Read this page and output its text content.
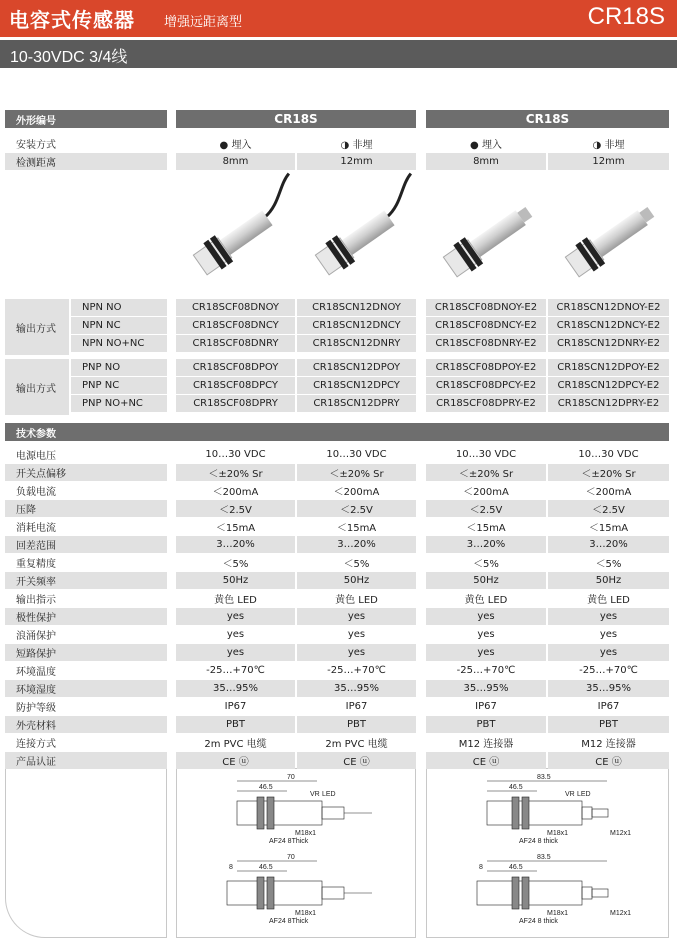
电容式传感器 增强远距离型	CR18S
10-30VDC 3/4线
外形编号	CR18S	CR18S
技术参数
70
46.5
VR LED
M18x1
AF24 8Thick
70
8	46.5
M18x1
AF24 8Thick
83.5
46.5
VR LED
M18x1
AF24 8 thick
M12x1
83.5
8	46.5
M18x1
AF24 8 thick
M12x1
安装方式	● 埋入	◑ 非埋	● 埋入	◑ 非埋
检测距离	8mm	12mm	8mm	12mm
输出方式
NPN NO	CR18SCF08DNOY	CR18SCN12DNOY	CR18SCF08DNOY-E2	CR18SCN12DNOY-E2
NPN NC	CR18SCF08DNCY	CR18SCN12DNCY	CR18SCF08DNCY-E2	CR18SCN12DNCY-E2
NPN NO+NC	CR18SCF08DNRY	CR18SCN12DNRY	CR18SCF08DNRY-E2	CR18SCN12DNRY-E2
输出方式
PNP NO	CR18SCF08DPOY	CR18SCN12DPOY	CR18SCF08DPOY-E2	CR18SCN12DPOY-E2
PNP NC	CR18SCF08DPCY	CR18SCN12DPCY	CR18SCF08DPCY-E2	CR18SCN12DPCY-E2
PNP NO+NC	CR18SCF08DPRY	CR18SCN12DPRY	CR18SCF08DPRY-E2	CR18SCN12DPRY-E2
电源电压	10…30 VDC	10…30 VDC	10…30 VDC	10…30 VDC
开关点偏移	＜±20% Sr	＜±20% Sr	＜±20% Sr	＜±20% Sr
负载电流	＜200mA	＜200mA	＜200mA	＜200mA
压降	＜2.5V	＜2.5V	＜2.5V	＜2.5V
消耗电流	＜15mA	＜15mA	＜15mA	＜15mA
回差范围	3…20%	3…20%	3…20%	3…20%
重复精度	＜5%	＜5%	＜5%	＜5%
开关频率	50Hz	50Hz	50Hz	50Hz
输出指示	黄色 LED	黄色 LED	黄色 LED	黄色 LED
极性保护	yes	yes	yes	yes
浪涌保护	yes	yes	yes	yes
短路保护	yes	yes	yes	yes
环境温度	-25…+70℃	-25…+70℃	-25…+70℃	-25…+70℃
环境湿度	35…95%	35…95%	35…95%	35…95%
防护等级	IP67	IP67	IP67	IP67
外壳材料	PBT	PBT	PBT	PBT
连接方式	2m PVC 电缆	2m PVC 电缆	M12 连接器	M12 连接器
产品认证	CE ⓤ	CE ⓤ	CE ⓤ	CE ⓤ
